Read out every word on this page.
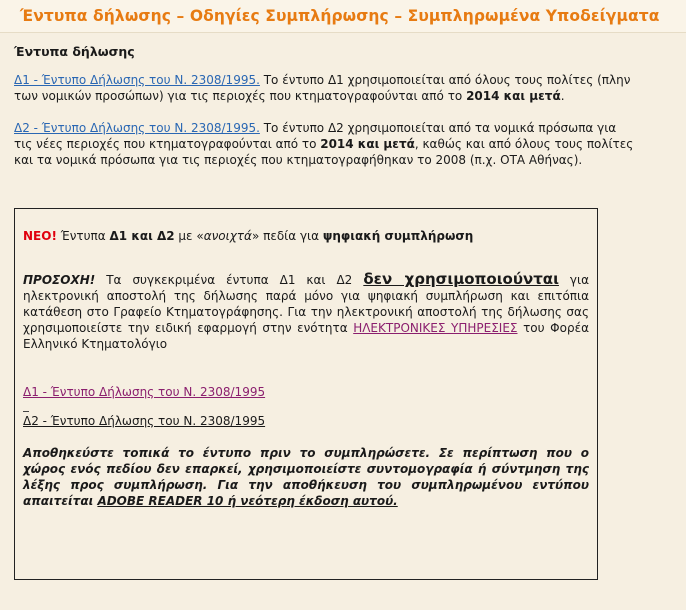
Έντυπα δήλωσης – Οδηγίες Συμπλήρωσης – Συμπληρωμένα Υποδείγματα
Έντυπα δήλωσης
Δ1 - Έντυπο Δήλωσης του Ν. 2308/1995. Το έντυπο Δ1 χρησιμοποιείται από όλους τους πολίτες (πλην των νομικών προσώπων) για τις περιοχές που κτηματογραφούνται από το 2014 και μετά.
Δ2 - Έντυπο Δήλωσης του Ν. 2308/1995. Το έντυπο Δ2 χρησιμοποιείται από τα νομικά πρόσωπα για τις νέες περιοχές που κτηματογραφούνται από το 2014 και μετά, καθώς και από όλους τους πολίτες και τα νομικά πρόσωπα για τις περιοχές που κτηματογραφήθηκαν το 2008 (π.χ. ΟΤΑ Αθήνας).
ΝΕΟ! Έντυπα Δ1 και Δ2 με «ανοιχτά» πεδία για ψηφιακή συμπλήρωση
ΠΡΟΣΟΧΗ! Τα συγκεκριμένα έντυπα Δ1 και Δ2 δεν χρησιμοποιούνται για ηλεκτρονική αποστολή της δήλωσης παρά μόνο για ψηφιακή συμπλήρωση και επιτόπια κατάθεση στο Γραφείο Κτηματογράφησης. Για την ηλεκτρονική αποστολή της δήλωσης σας χρησιμοποιείστε την ειδική εφαρμογή στην ενότητα ΗΛΕΚΤΡΟΝΙΚΕΣ ΥΠΗΡΕΣΙΕΣ του Φορέα Ελληνικό Κτηματολόγιο
Δ1 - Έντυπο Δήλωσης του Ν. 2308/1995
Δ2 - Έντυπο Δήλωσης του Ν. 2308/1995
Αποθηκεύστε τοπικά το έντυπο πριν το συμπληρώσετε. Σε περίπτωση που ο χώρος ενός πεδίου δεν επαρκεί, χρησιμοποιείστε συντομογραφία ή σύντμηση της λέξης προς συμπλήρωση. Για την αποθήκευση του συμπληρωμένου εντύπου απαιτείται ADOBE READER 10 ή νεότερη έκδοση αυτού.
